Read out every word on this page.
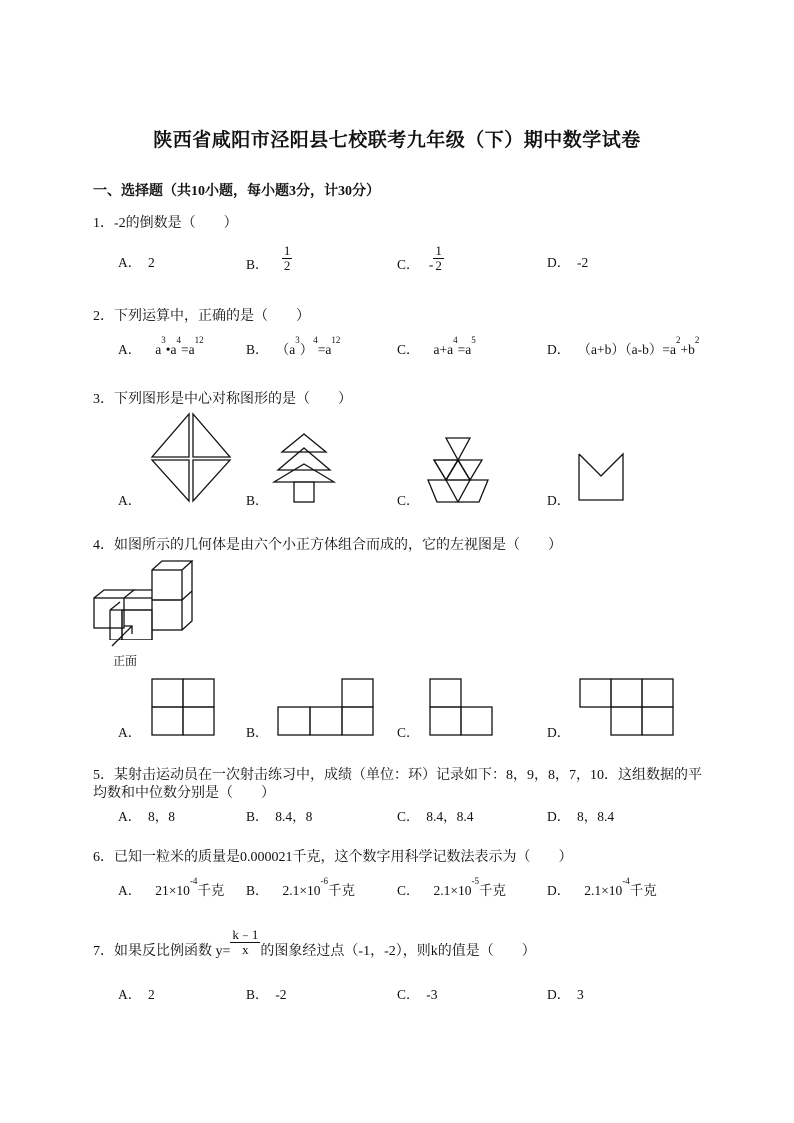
陕西省咸阳市泾阳县七校联考九年级（下）期中数学试卷
一、选择题（共10小题，每小题3分，计30分）
1．-2的倒数是（　　）
A．　2	B． $\frac{1}{2}$	C． - $\frac{1}{2}$	D．　-2
2．下列运算中，正确的是（　　）
A． $a^3•a^4=a^{12}$
B． $(a^3)^4=a^{12}$
C． $a+a^4=a^5$
D． $(a+b)(a-b)=a^2+b^2$
3．下列图形是中心对称图形的是（　　）
A．	B．	C．	D．
4．如图所示的几何体是由六个小正方体组合而成的，它的左视图是（　　）
正面
A．	B．	C．	D．
5．某射击运动员在一次射击练习中，成绩（单位：环）记录如下：8，9，8，7，10．这组数据的平
均数和中位数分别是（　　）
A．　8，8	B．　8.4，8	C．　8.4，8.4	D．　8，8.4
6．已知一粒米的质量是0.000021千克，这个数字用科学记数法表示为（　　）
A． $21\times 10^{-4}$千克 B． $2.1\times 10^{-6}$千克	C． $2.1\times 10^{-5}$千克	D． $2.1\times 10^{-4}$千克
7．如果反比例函数 $y= \frac{k﹣1}{x}$ 的图象经过点（-1，-2），则k的值是（　　）
A．　2	B．　-2	C．　-3	D．　3
